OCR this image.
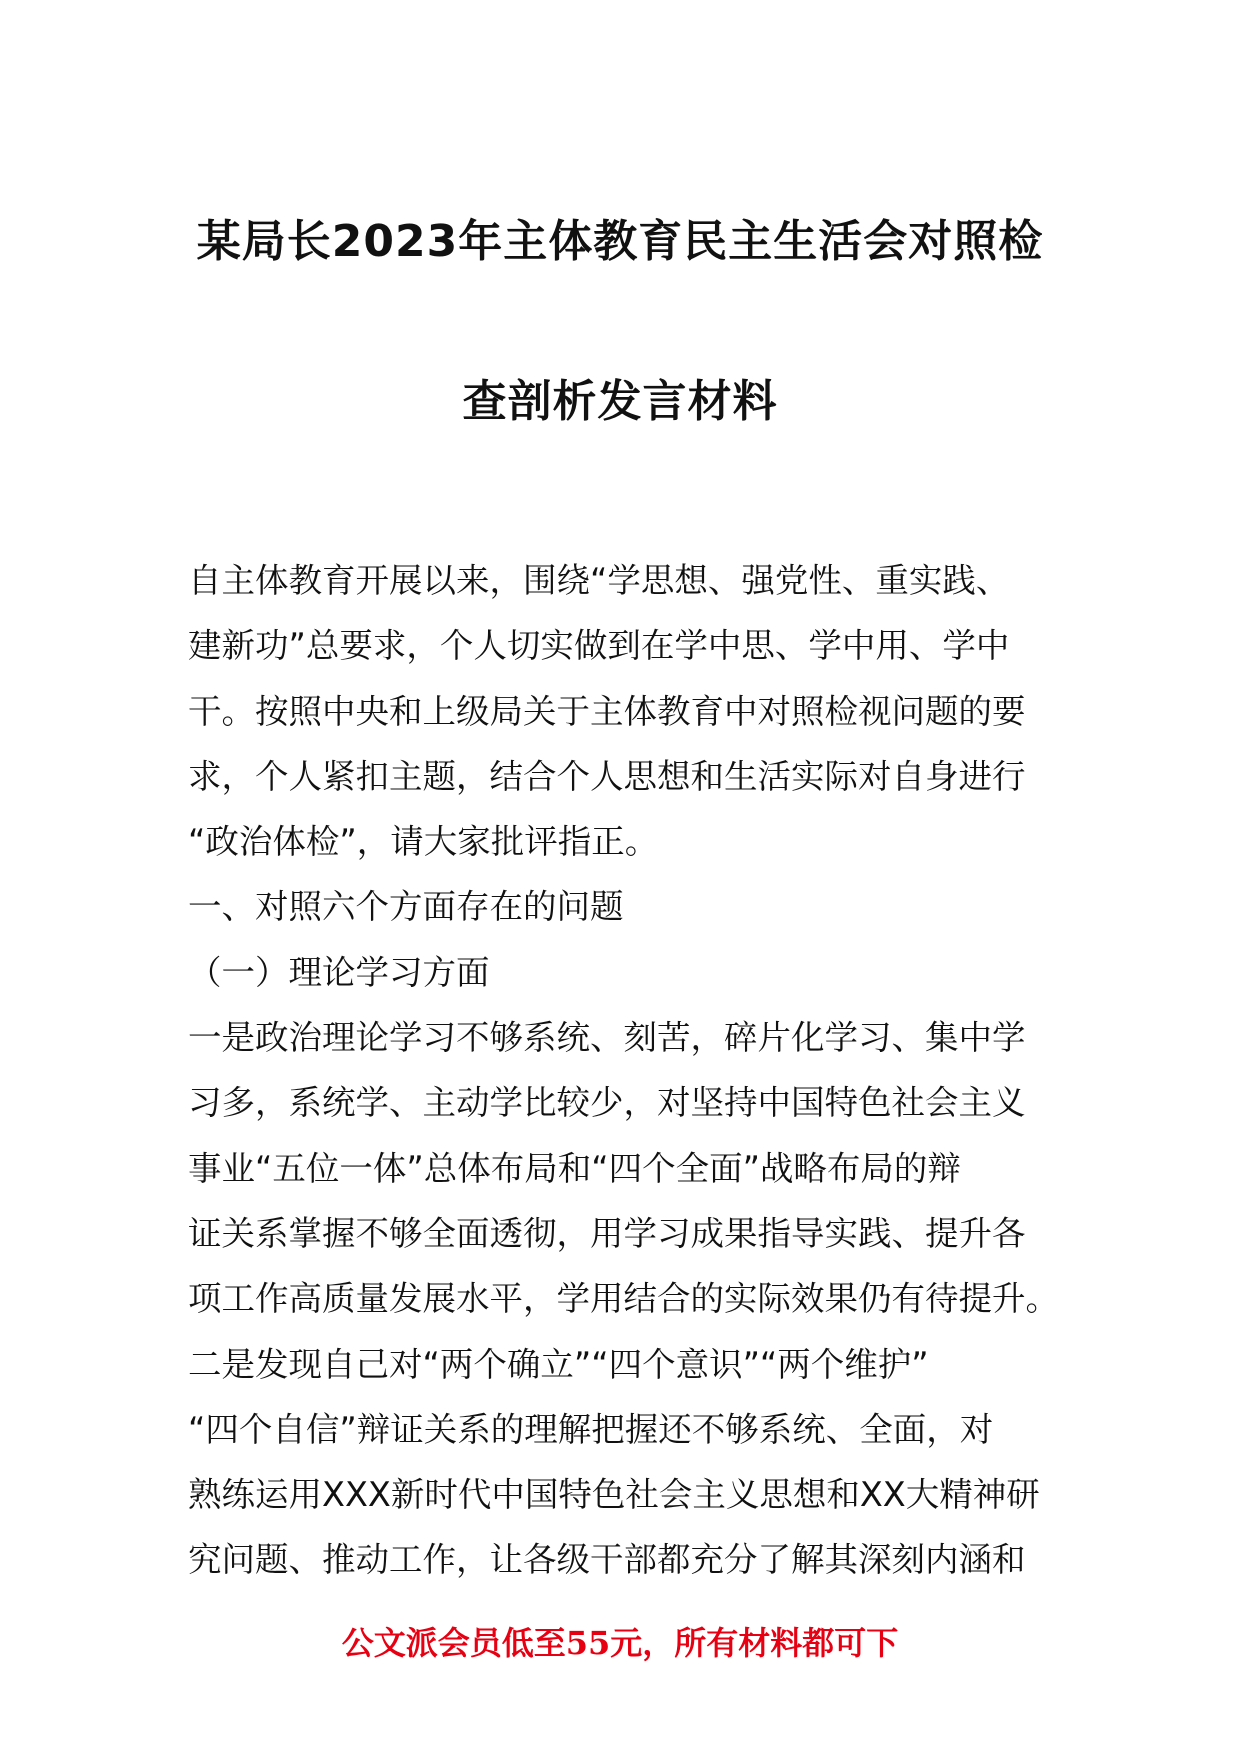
某局长2023年主体教育民主生活会对照检
查剖析发言材料
自主体教育开展以来，围绕“学思想、强党性、重实践、
建新功”总要求，个人切实做到在学中思、学中用、学中
干。按照中央和上级局关于主体教育中对照检视问题的要
求，个人紧扣主题，结合个人思想和生活实际对自身进行
“政治体检”，请大家批评指正。
一、对照六个方面存在的问题
（一）理论学习方面
一是政治理论学习不够系统、刻苦，碎片化学习、集中学
习多，系统学、主动学比较少，对坚持中国特色社会主义
事业“五位一体”总体布局和“四个全面”战略布局的辩
证关系掌握不够全面透彻，用学习成果指导实践、提升各
项工作高质量发展水平，学用结合的实际效果仍有待提升。
二是发现自己对“两个确立”“四个意识”“两个维护”
“四个自信”辩证关系的理解把握还不够系统、全面，对
熟练运用XXX新时代中国特色社会主义思想和XX大精神研
究问题、推动工作，让各级干部都充分了解其深刻内涵和
公文派会员低至55元，所有材料都可下
